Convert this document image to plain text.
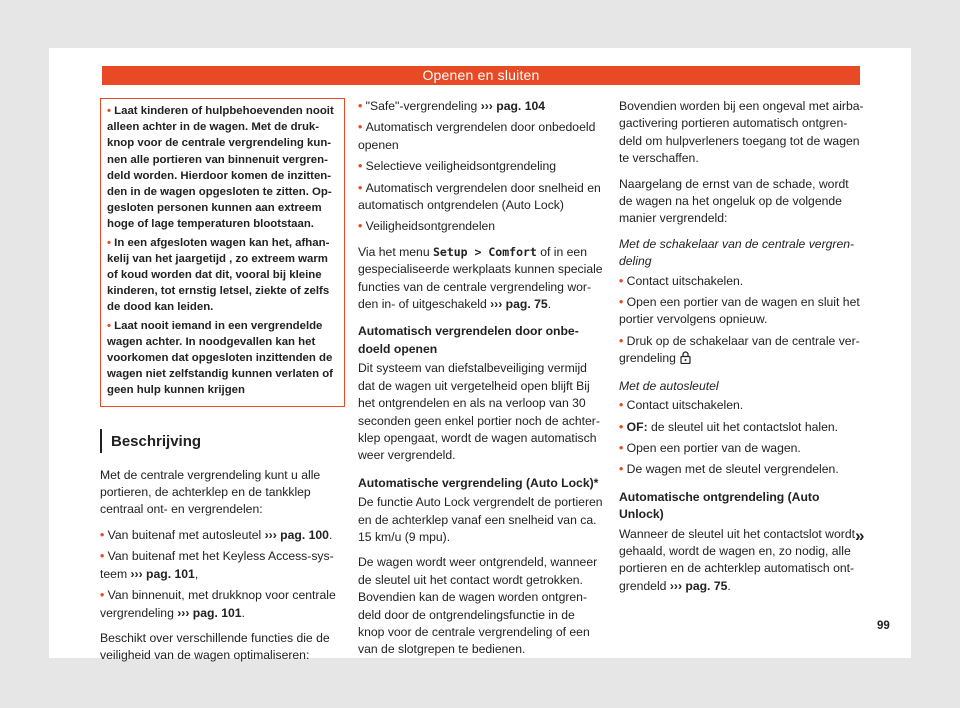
Openen en sluiten
• Laat kinderen of hulpbehoevenden nooit alleen achter in de wagen. Met de drukknop voor de centrale vergrendeling kunnen alle portieren van binnenuit vergrendeld worden. Hierdoor komen de inzittenden in de wagen opgesloten te zitten. Opgesloten personen kunnen aan extreem hoge of lage temperaturen blootstaan.
• In een afgesloten wagen kan het, afhankelij van het jaargetijd , zo extreem warm of koud worden dat dit, vooral bij kleine kinderen, tot ernstig letsel, ziekte of zelfs de dood kan leiden.
• Laat nooit iemand in een vergrendelde wagen achter. In noodgevallen kan het voorkomen dat opgesloten inzittenden de wagen niet zelfstandig kunnen verlaten of geen hulp kunnen krijgen
Beschrijving

Met de centrale vergrendeling kunt u alle portieren, de achterklep en de tankklep centraal ont- en vergrendelen:

• Van buitenaf met autosleutel ››› pag. 100.
• Van buitenaf met het Keyless Access-systeem ››› pag. 101,
• Van binnenuit, met drukknop voor centrale vergrendeling ››› pag. 101.

Beschikt over verschillende functies die de veiligheid van de wagen optimaliseren:

• "Safe"-vergrendeling ››› pag. 104
• Automatisch vergrendelen door onbedoeld openen
• Selectieve veiligheidsontgrendeling
• Automatisch vergrendelen door snelheid en automatisch ontgrendelen (Auto Lock)
• Veiligheidsontgrendelen

Via het menu Setup > Comfort of in een gespecialiseerde werkplaats kunnen speciale functies van de centrale vergrendeling worden in- of uitgeschakeld ››› pag. 75.

Automatisch vergrendelen door onbedoeld openen

Dit systeem van diefstalbeveiliging vermijd dat de wagen uit vergetelheid open blijft Bij het ontgrendelen en als na verloop van 30 seconden geen enkel portier noch de achterklep opengaat, wordt de wagen automatisch weer vergrendeld.

Automatische vergrendeling (Auto Lock)*

De functie Auto Lock vergrendelt de portieren en de achterklep vanaf een snelheid van ca. 15 km/u (9 mpu).

De wagen wordt weer ontgrendeld, wanneer de sleutel uit het contact wordt getrokken. Bovendien kan de wagen worden ontgrendeld door de ontgrendelingsfunctie in de knop voor de centrale vergrendeling of een van de slotgrepen te bedienen.

Bovendien worden bij een ongeval met airbagactivering portieren automatisch ontgrendeld om hulpverleners toegang tot de wagen te verschaffen.

Naargelang de ernst van de schade, wordt de wagen na het ongeluk op de volgende manier vergrendeld:

Met de schakelaar van de centrale vergrendeling
• Contact uitschakelen.
• Open een portier van de wagen en sluit het portier vervolgens opnieuw.
• Druk op de schakelaar van de centrale vergrendeling
Met de autosleutel
• Contact uitschakelen.
• OF: de sleutel uit het contactslot halen.
• Open een portier van de wagen.
• De wagen met de sleutel vergrendelen.
Automatische ontgrendeling (Auto Unlock)

Wanneer de sleutel uit het contactslot wordt gehaald, wordt de wagen en, zo nodig, alle portieren en de achterklep automatisch ontgrendeld ››› pag. 75.

»
99
